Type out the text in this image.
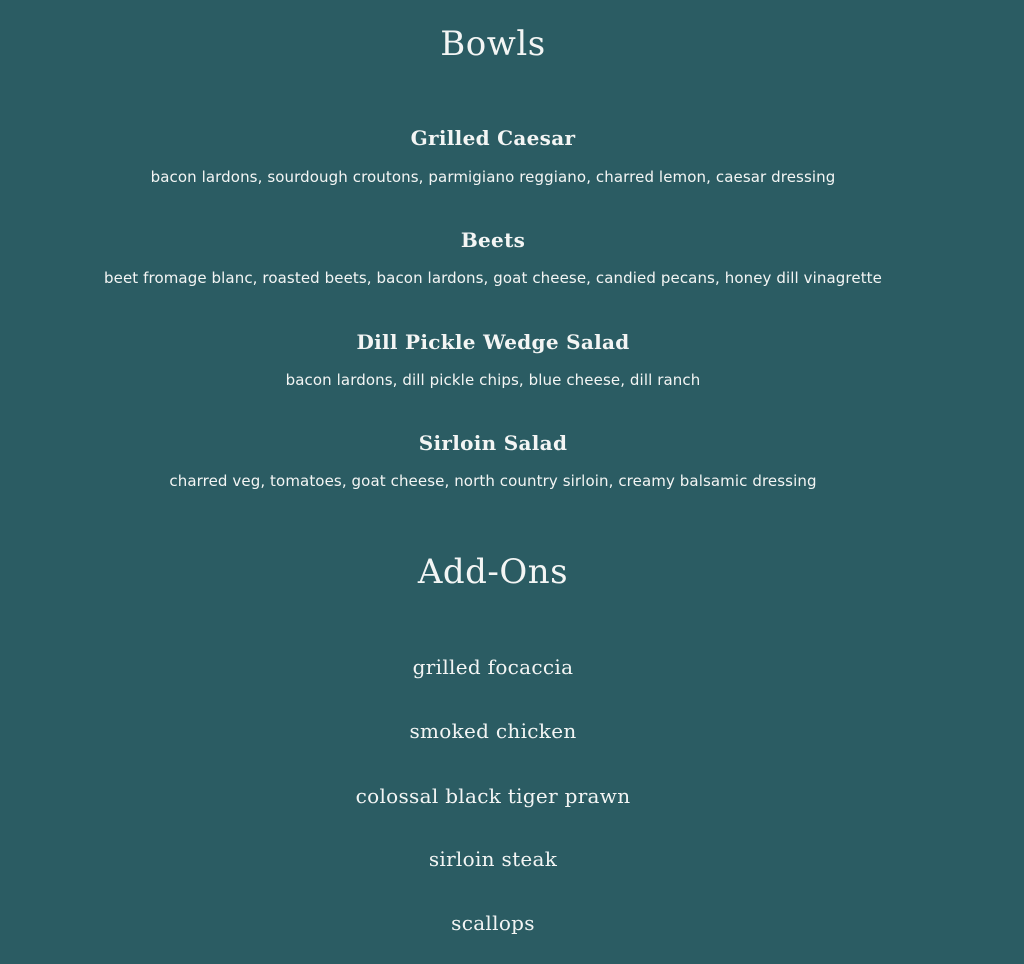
Bowls
Grilled Caesar

bacon lardons, sourdough croutons, parmigiano reggiano, charred lemon, caesar dressing

Beets

beet fromage blanc, roasted beets, bacon lardons, goat cheese, candied pecans, honey dill vinagrette

Dill Pickle Wedge Salad

bacon lardons, dill pickle chips, blue cheese, dill ranch

Sirloin Salad

charred veg, tomatoes, goat cheese, north country sirloin, creamy balsamic dressing

Add-Ons
grilled focaccia
smoked chicken
colossal black tiger prawn
sirloin steak
scallops
